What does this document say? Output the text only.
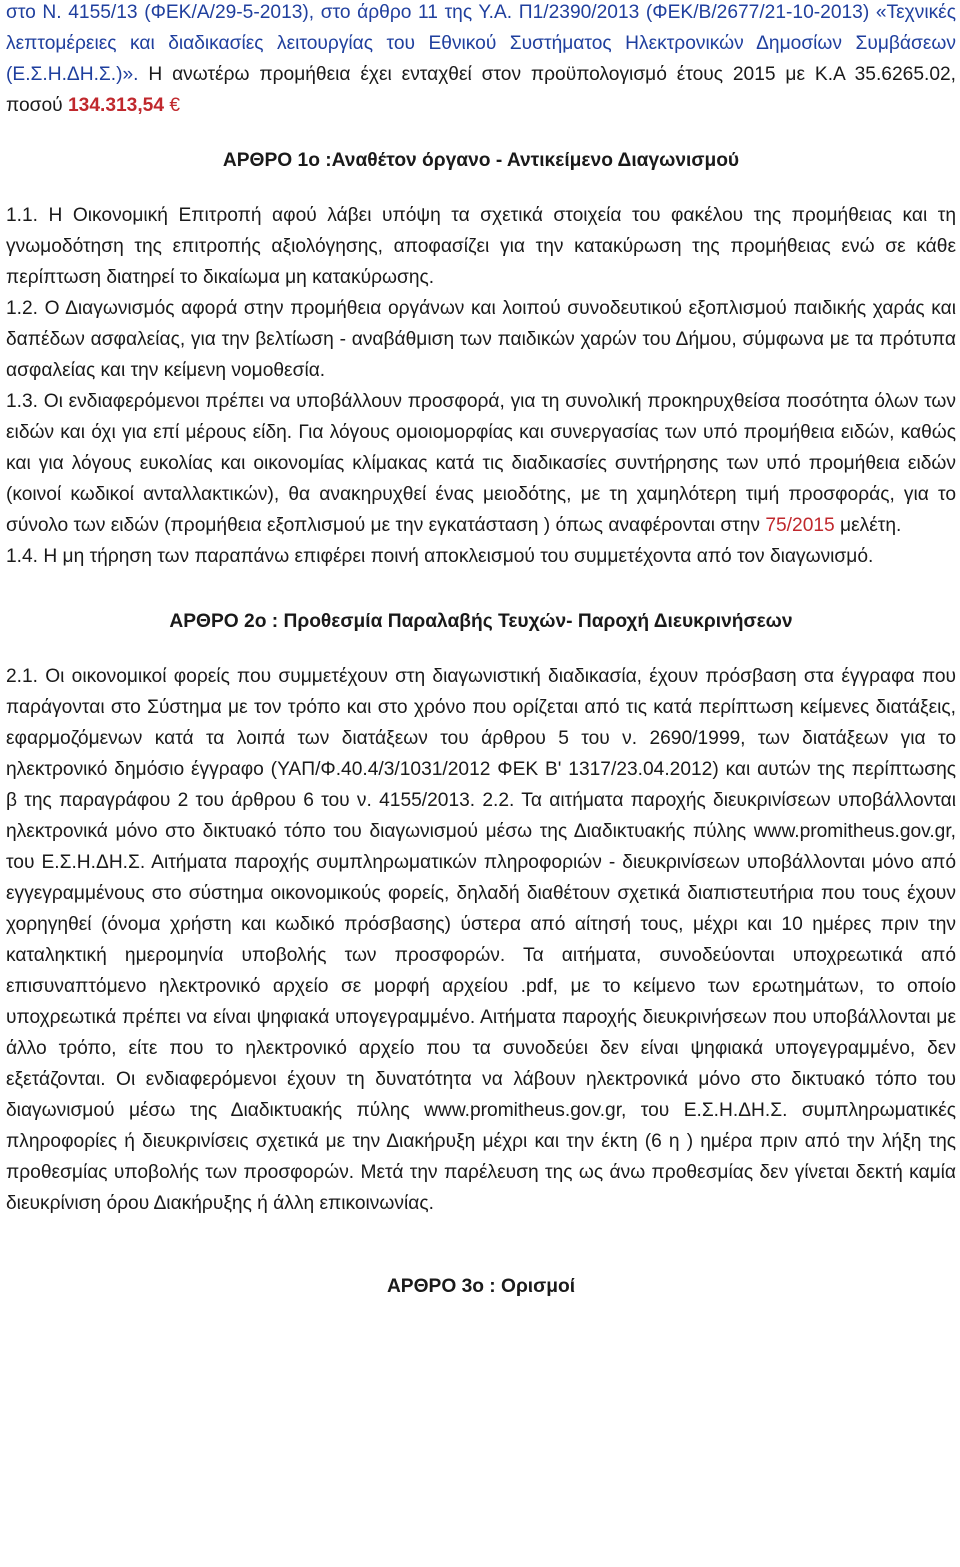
στο Ν. 4155/13 (ΦΕΚ/Α/29-5-2013), στο άρθρο 11 της Υ.Α. Π1/2390/2013 (ΦΕΚ/Β/2677/21-10-2013) «Τεχνικές λεπτομέρειες και διαδικασίες λειτουργίας του Εθνικού Συστήματος Ηλεκτρονικών Δημοσίων Συμβάσεων (Ε.Σ.Η.ΔΗ.Σ.)». Η ανωτέρω προμήθεια έχει ενταχθεί στον προϋπολογισμό έτους 2015 με Κ.Α 35.6265.02, ποσού 134.313,54 €

ΑΡΘΡΟ 1ο :Αναθέτον όργανο - Αντικείμενο Διαγωνισμού

1.1. Η Οικονομική Επιτροπή αφού λάβει υπόψη τα σχετικά στοιχεία του φακέλου της προμήθειας και τη γνωμοδότηση της επιτροπής αξιολόγησης, αποφασίζει για την κατακύρωση της προμήθειας ενώ σε κάθε περίπτωση διατηρεί το δικαίωμα μη κατακύρωσης.

1.2. Ο Διαγωνισμός αφορά στην προμήθεια οργάνων και λοιπού συνοδευτικού εξοπλισμού παιδικής χαράς και δαπέδων ασφαλείας, για την βελτίωση - αναβάθμιση των παιδικών χαρών του Δήμου, σύμφωνα με τα πρότυπα ασφαλείας και την κείμενη νομοθεσία.

1.3. Οι ενδιαφερόμενοι πρέπει να υποβάλλουν προσφορά, για τη συνολική προκηρυχθείσα ποσότητα όλων των ειδών και όχι για επί μέρους είδη. Για λόγους ομοιομορφίας και συνεργασίας των υπό προμήθεια ειδών, καθώς και για λόγους ευκολίας και οικονομίας κλίμακας κατά τις διαδικασίες συντήρησης των υπό προμήθεια ειδών (κοινοί κωδικοί ανταλλακτικών), θα ανακηρυχθεί ένας μειοδότης, με τη χαμηλότερη τιμή προσφοράς, για το σύνολο των ειδών (προμήθεια εξοπλισμού με την εγκατάσταση ) όπως αναφέρονται στην 75/2015 μελέτη.

1.4. Η μη τήρηση των παραπάνω επιφέρει ποινή αποκλεισμού του συμμετέχοντα από τον διαγωνισμό.

ΑΡΘΡΟ 2ο : Προθεσμία Παραλαβής Τευχών- Παροχή Διευκρινήσεων

2.1. Οι οικονομικοί φορείς που συμμετέχουν στη διαγωνιστική διαδικασία, έχουν πρόσβαση στα έγγραφα που παράγονται στο Σύστημα με τον τρόπο και στο χρόνο που ορίζεται από τις κατά περίπτωση κείμενες διατάξεις, εφαρμοζόμενων κατά τα λοιπά των διατάξεων του άρθρου 5 του ν. 2690/1999, των διατάξεων για το ηλεκτρονικό δημόσιο έγγραφο (ΥΑΠ/Φ.40.4/3/1031/2012 ΦΕΚ Β' 1317/23.04.2012) και αυτών της περίπτωσης β της παραγράφου 2 του άρθρου 6 του ν. 4155/2013. 2.2. Τα αιτήματα παροχής διευκρινίσεων υποβάλλονται ηλεκτρονικά μόνο στο δικτυακό τόπο του διαγωνισμού μέσω της Διαδικτυακής πύλης www.promitheus.gov.gr, του Ε.Σ.Η.ΔΗ.Σ. Αιτήματα παροχής συμπληρωματικών πληροφοριών - διευκρινίσεων υποβάλλονται μόνο από εγγεγραμμένους στο σύστημα οικονομικούς φορείς, δηλαδή διαθέτουν σχετικά διαπιστευτήρια που τους έχουν χορηγηθεί (όνομα χρήστη και κωδικό πρόσβασης) ύστερα από αίτησή τους, μέχρι και 10 ημέρες πριν την καταληκτική ημερομηνία υποβολής των προσφορών. Τα αιτήματα, συνοδεύονται υποχρεωτικά από επισυναπτόμενο ηλεκτρονικό αρχείο σε μορφή αρχείου .pdf, με το κείμενο των ερωτημάτων, το οποίο υποχρεωτικά πρέπει να είναι ψηφιακά υπογεγραμμένο. Αιτήματα παροχής διευκρινήσεων που υποβάλλονται με άλλο τρόπο, είτε που το ηλεκτρονικό αρχείο που τα συνοδεύει δεν είναι ψηφιακά υπογεγραμμένο, δεν εξετάζονται. Οι ενδιαφερόμενοι έχουν τη δυνατότητα να λάβουν ηλεκτρονικά μόνο στο δικτυακό τόπο του διαγωνισμού μέσω της Διαδικτυακής πύλης www.promitheus.gov.gr, του Ε.Σ.Η.ΔΗ.Σ. συμπληρωματικές πληροφορίες ή διευκρινίσεις σχετικά με την Διακήρυξη μέχρι και την έκτη (6 η ) ημέρα πριν από την λήξη της προθεσμίας υποβολής των προσφορών. Μετά την παρέλευση της ως άνω προθεσμίας δεν γίνεται δεκτή καμία διευκρίνιση όρου Διακήρυξης ή άλλη επικοινωνίας.

ΑΡΘΡΟ 3ο : Ορισμοί
